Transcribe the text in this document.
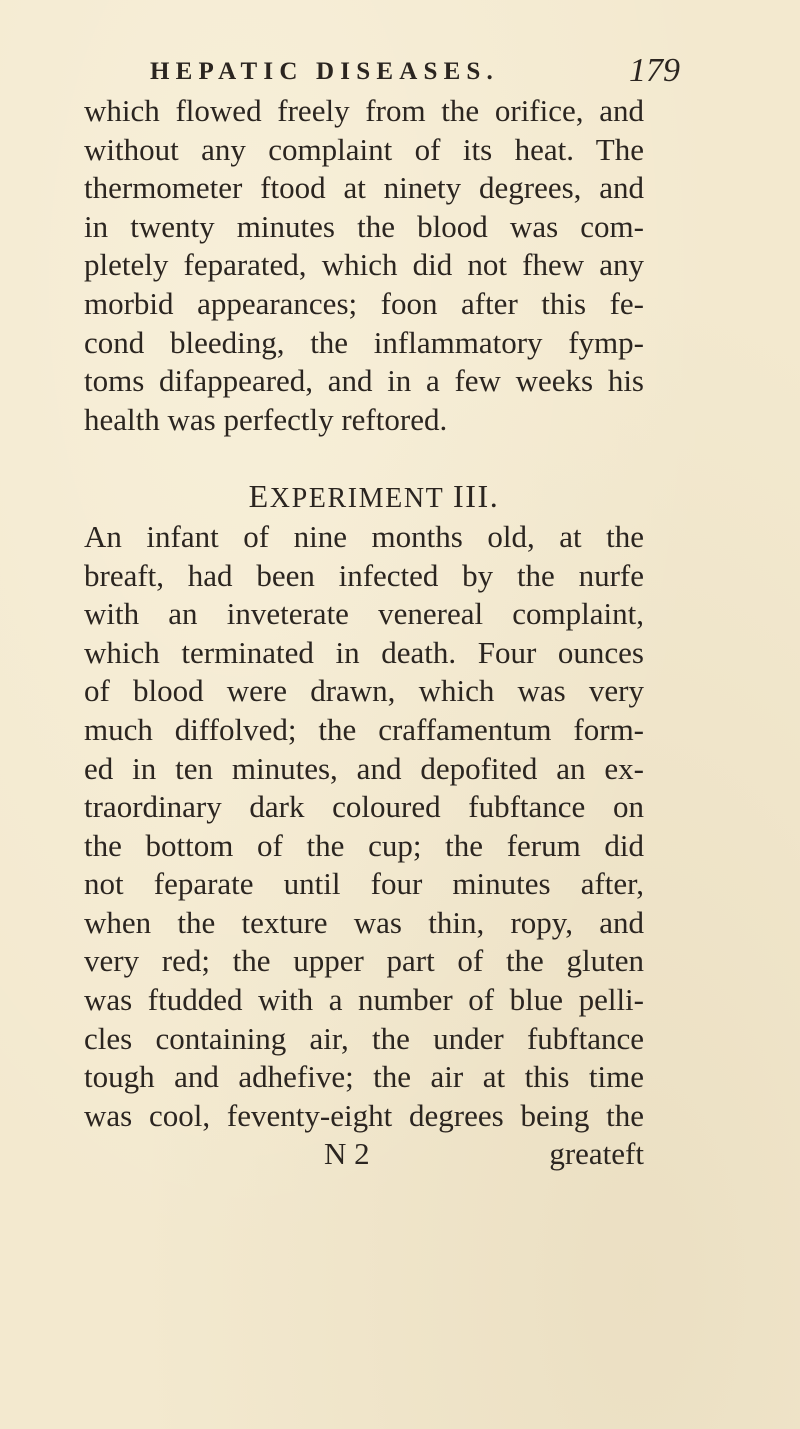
HEPATIC DISEASES.	179
which flowed freely from the orifice, and
without any complaint of its heat. The
thermometer ftood at ninety degrees, and
in twenty minutes the blood was com-
pletely feparated, which did not fhew any
morbid appearances; foon after this fe-
cond bleeding, the inflammatory fymp-
toms difappeared, and in a few weeks his
health was perfectly reftored.
EXPERIMENT III.
An infant of nine months old, at the
breaft, had been infected by the nurfe
with an inveterate venereal complaint,
which terminated in death. Four ounces
of blood were drawn, which was very
much diffolved; the craffamentum form-
ed in ten minutes, and depofited an ex-
traordinary dark coloured fubftance on
the bottom of the cup; the ferum did
not feparate until four minutes after,
when the texture was thin, ropy, and
very red; the upper part of the gluten
was ftudded with a number of blue pelli-
cles containing air, the under fubftance
tough and adhefive; the air at this time
was cool, feventy-eight degrees being the
N 2	greateft
